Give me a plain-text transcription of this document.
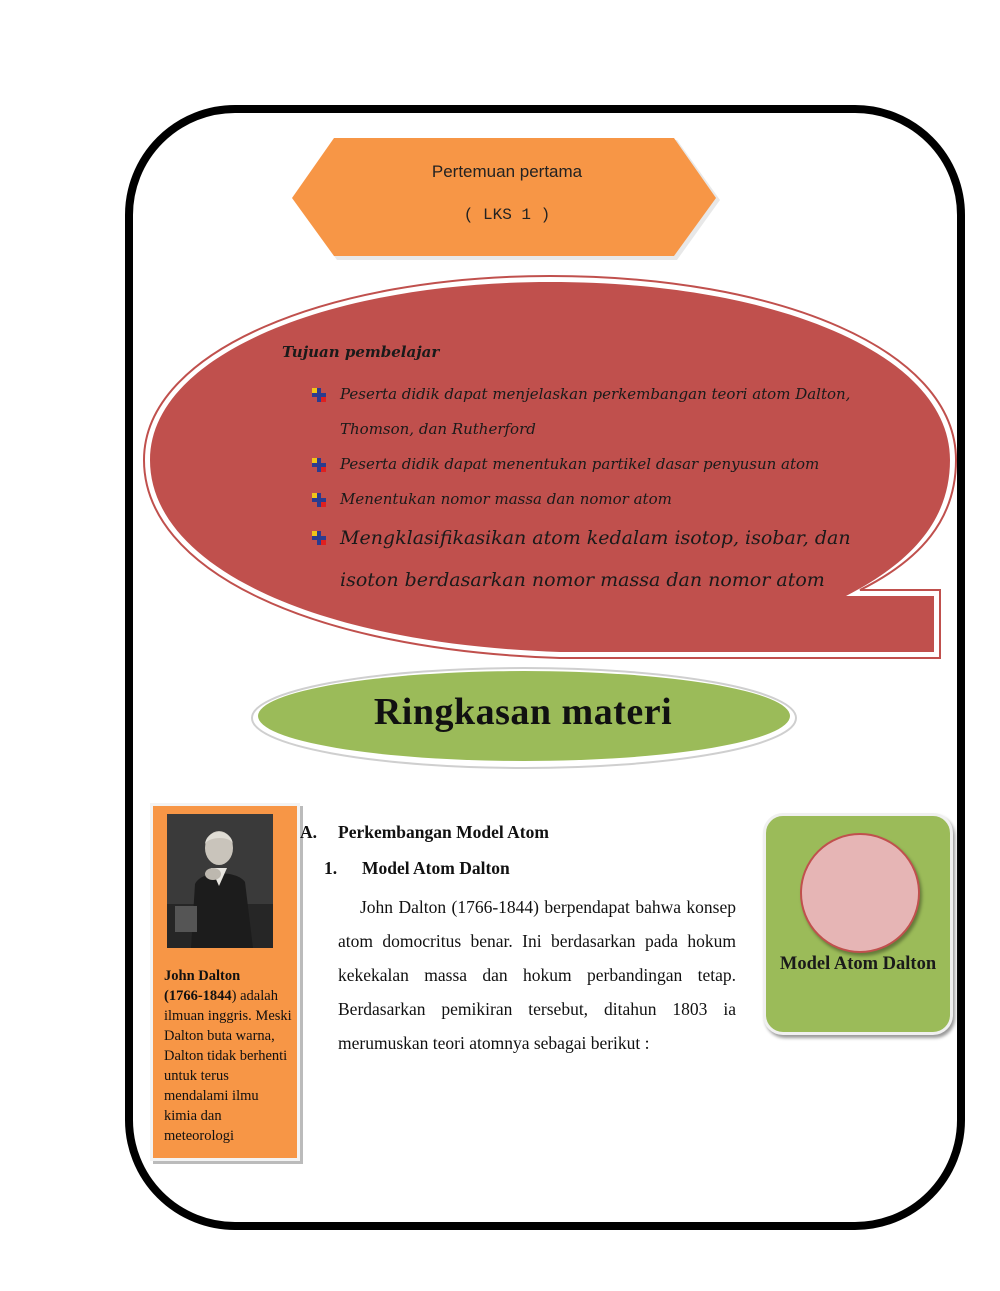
Pertemuan pertama
( LKS 1 )
Tujuan pembelajar
Peserta didik dapat menjelaskan perkembangan teori atom Dalton, Thomson, dan Rutherford
Peserta didik dapat menentukan partikel dasar penyusun atom
Menentukan nomor massa dan nomor atom
Mengklasifikasikan atom kedalam isotop, isobar, dan isoton berdasarkan nomor massa dan nomor atom
Ringkasan materi
John Dalton
(1766-1844) adalah ilmuan inggris. Meski Dalton buta warna, Dalton tidak berhenti untuk terus mendalami ilmu kimia dan meteorologi
A. Perkembangan Model Atom
1. Model Atom Dalton
John Dalton (1766-1844) berpendapat bahwa konsep atom domocritus benar. Ini berdasarkan pada hokum kekekalan massa dan hokum perbandingan tetap. Berdasarkan pemikiran tersebut, ditahun 1803 ia merumuskan teori atomnya sebagai berikut :
Model Atom Dalton
